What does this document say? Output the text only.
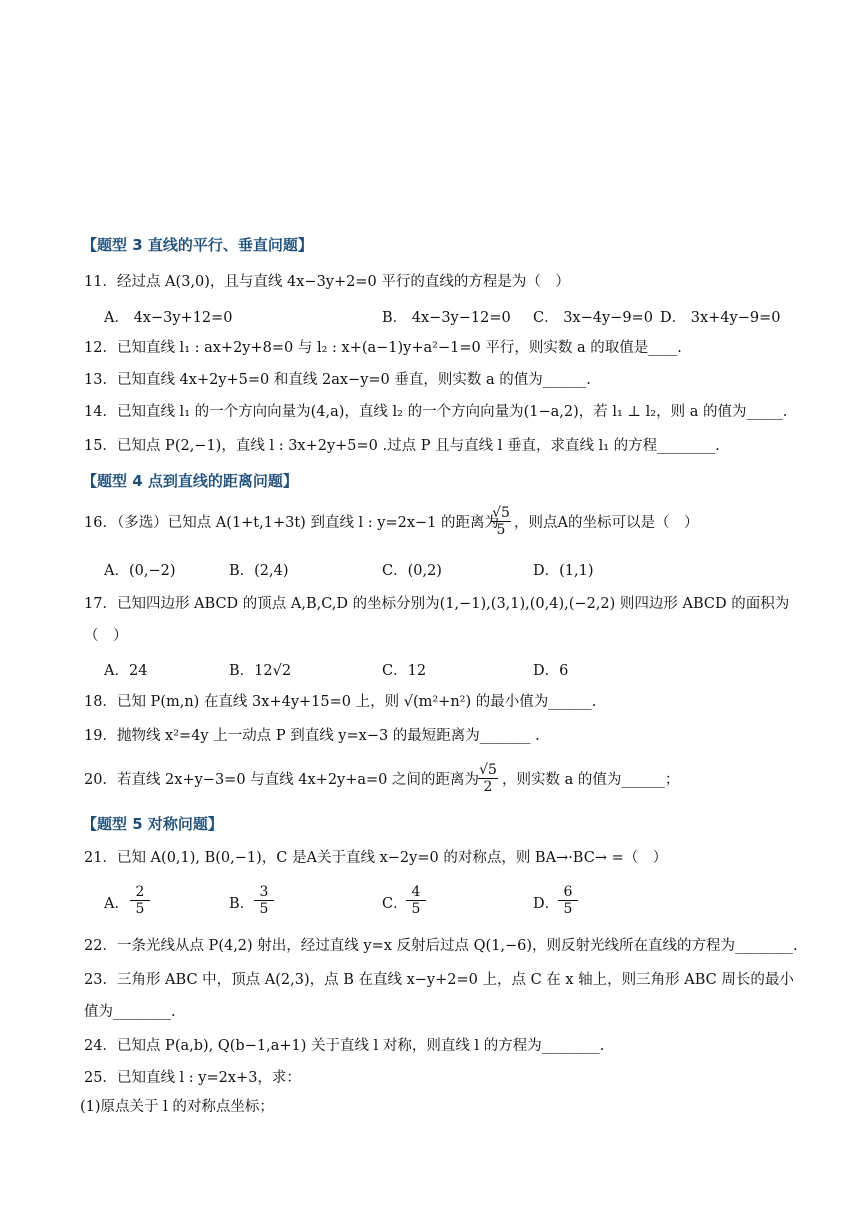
【题型 3 直线的平行、垂直问题】
11．经过点 A(3,0)，且与直线 4x−3y+2=0 平行的直线的方程是为（　）
A． 4x−3y+12=0	B． 4x−3y−12=0 C． 3x−4y−9=0 D． 3x+4y−9=0
12．已知直线 l₁ : ax+2y+8=0 与 l₂ : x+(a−1)y+a²−1=0 平行，则实数 a 的取值是____.
13．已知直线 4x+2y+5=0 和直线 2ax−y=0 垂直，则实数 a 的值为______.
14．已知直线 l₁ 的一个方向向量为(4,a)，直线 l₂ 的一个方向向量为(1−a,2)，若 l₁ ⊥ l₂，则 a 的值为_____.
15．已知点 P(2,−1)，直线 l : 3x+2y+5=0 .过点 P 且与直线 l 垂直，求直线 l₁ 的方程________.
【题型 4 点到直线的距离问题】
16．（多选）已知点 A(1+t,1+3t) 到直线 l : y=2x−1 的距离为
$\frac{√5}{5}$ ，则点A的坐标可以是（　）
A．(0,−2)	B．(2,4)	C．(0,2)	D．(1,1)
17．已知四边形 ABCD 的顶点 A,B,C,D 的坐标分别为(1,−1),(3,1),(0,4),(−2,2) 则四边形 ABCD 的面积为
（　）
A．24	B．12√2	C．12	D．6
18．已知 P(m,n) 在直线 3x+4y+15=0 上，则 √(m²+n²) 的最小值为______.
19．抛物线 x²=4y 上一动点 P 到直线 y=x−3 的最短距离为_______ .
20．若直线 2x+y−3=0 与直线 4x+2y+a=0 之间的距离为
$\frac{√5}{2}$ ，则实数 a 的值为______；
【题型 5 对称问题】
21．已知 A(0,1), B(0,−1)，C 是A关于直线 x−2y=0 的对称点，则 BA→·BC→ =（　）
A． $\frac{2}{5}$	B． $\frac{3}{5}$	C．
$\frac{4}{5}$	D．
$\frac{6}{5}$
22．一条光线从点 P(4,2) 射出，经过直线 y=x 反射后过点 Q(1,−6)，则反射光线所在直线的方程为________.
23．三角形 ABC 中，顶点 A(2,3)，点 B 在直线 x−y+2=0 上，点 C 在 x 轴上，则三角形 ABC 周长的最小
值为________.
24．已知点 P(a,b), Q(b−1,a+1) 关于直线 l 对称，则直线 l 的方程为________.
25．已知直线 l : y=2x+3，求：
(1)原点关于 l 的对称点坐标；
